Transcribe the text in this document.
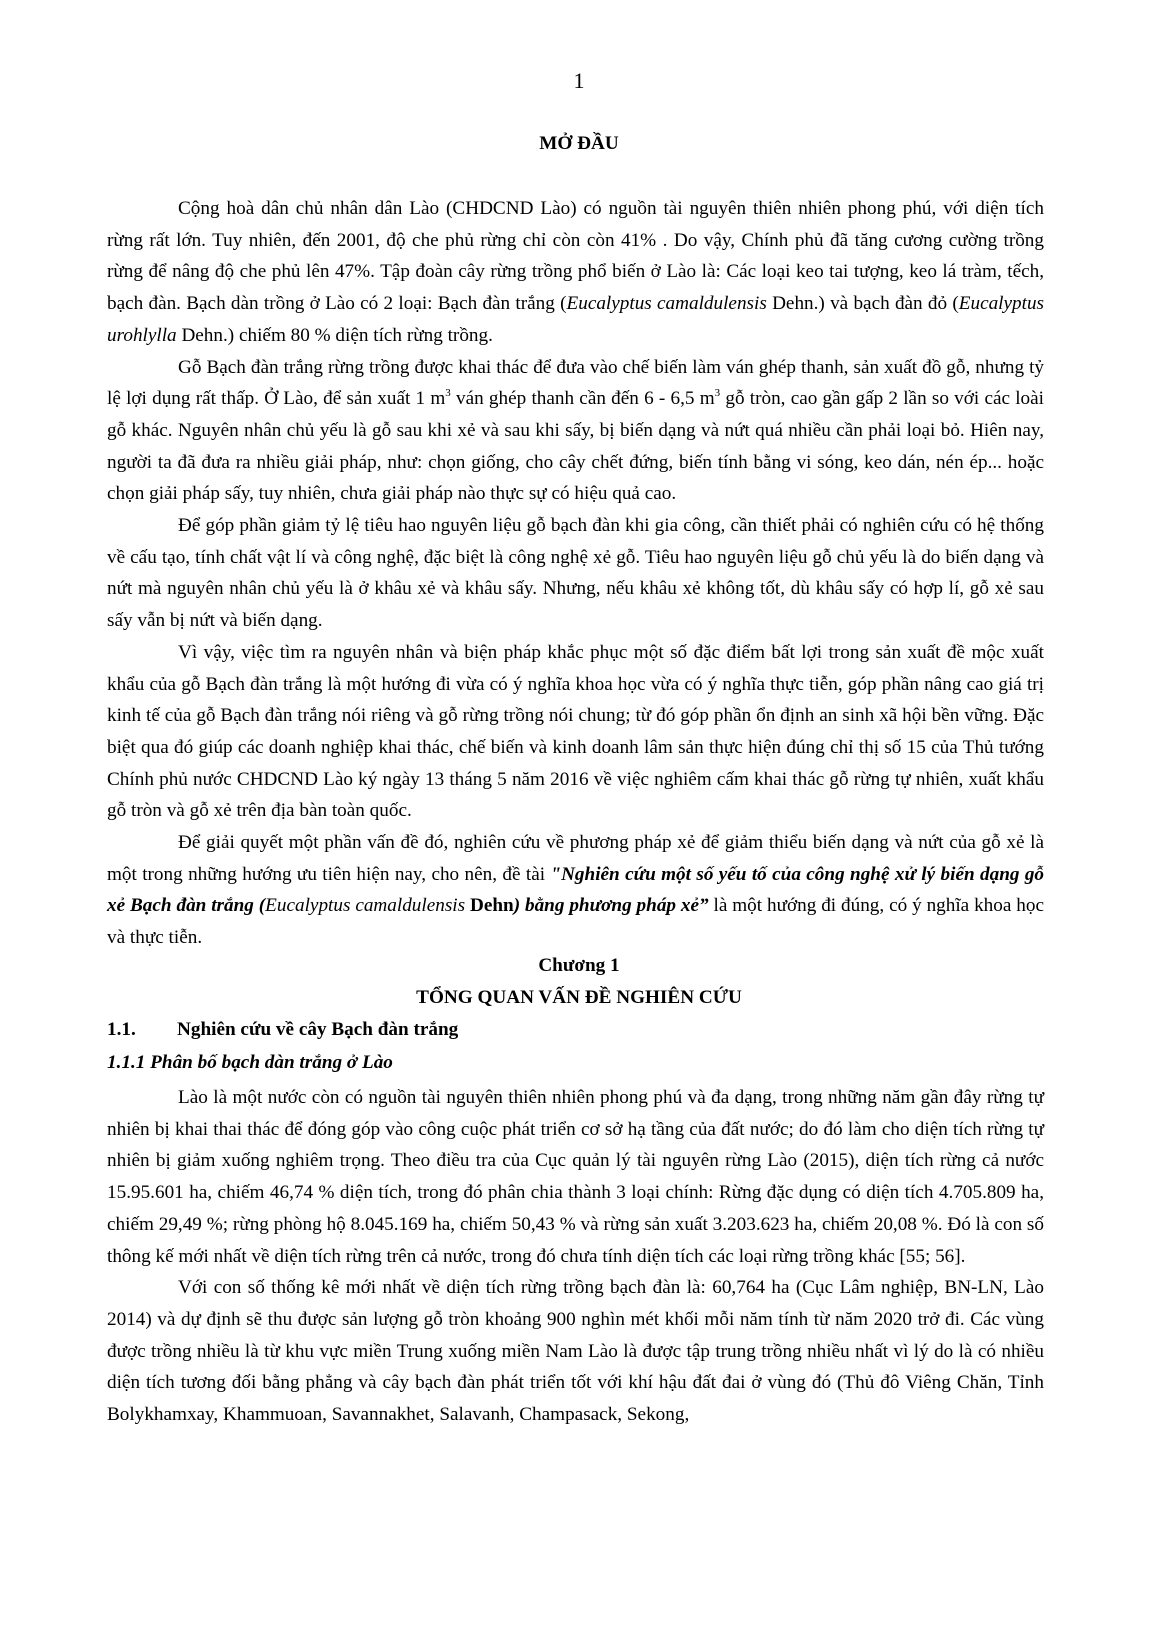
1
MỞ ĐẦU

Cộng hoà dân chủ nhân dân Lào (CHDCND Lào) có nguồn tài nguyên thiên nhiên phong phú, với diện tích rừng rất lớn. Tuy nhiên, đến 2001, độ che phủ rừng chỉ còn còn 41% . Do vậy, Chính phủ đã tăng cương cường trồng rừng để nâng độ che phủ lên 47%. Tập đoàn cây rừng trồng phổ biến ở Lào là: Các loại keo tai tượng, keo lá tràm, tếch, bạch đàn. Bạch dàn trồng ở Lào có 2 loại: Bạch đàn trắng (Eucalyptus camaldulensis Dehn.) và bạch đàn đỏ (Eucalyptus urohlylla Dehn.) chiếm 80 % diện tích rừng trồng.

Gỗ Bạch đàn trắng rừng trồng được khai thác để đưa vào chế biến làm ván ghép thanh, sản xuất đồ gỗ, nhưng tỷ lệ lợi dụng rất thấp. Ở Lào, để sản xuất 1 $m^3$ ván ghép thanh cần đến 6 - 6,5 $m^3$ gỗ tròn, cao gần gấp 2 lần so với các loài gỗ khác. Nguyên nhân chủ yếu là gỗ sau khi xẻ và sau khi sấy, bị biến dạng và nứt quá nhiều cần phải loại bỏ. Hiên nay, người ta đã đưa ra nhiều giải pháp, như: chọn giống, cho cây chết đứng, biến tính bằng vi sóng, keo dán, nén ép... hoặc chọn giải pháp sấy, tuy nhiên, chưa giải pháp nào thực sự có hiệu quả cao.

Để góp phần giảm tỷ lệ tiêu hao nguyên liệu gỗ bạch đàn khi gia công, cần thiết phải có nghiên cứu có hệ thống về cấu tạo, tính chất vật lí và công nghệ, đặc biệt là công nghệ xẻ gỗ. Tiêu hao nguyên liệu gỗ chủ yếu là do biến dạng và nứt mà nguyên nhân chủ yếu là ở khâu xẻ và khâu sấy. Nhưng, nếu khâu xẻ không tốt, dù khâu sấy có hợp lí, gỗ xẻ sau sấy vẫn bị nứt và biến dạng.

Vì vậy, việc tìm ra nguyên nhân và biện pháp khắc phục một số đặc điểm bất lợi trong sản xuất đề mộc xuất khẩu của gỗ Bạch đàn trắng là một hướng đi vừa có ý nghĩa khoa học vừa có ý nghĩa thực tiễn, góp phần nâng cao giá trị kinh tế của gỗ Bạch đàn trắng nói riêng và gỗ rừng trồng nói chung; từ đó góp phần ổn định an sinh xã hội bền vững. Đặc biệt qua đó giúp các doanh nghiệp khai thác, chế biến và kinh doanh lâm sản thực hiện đúng chỉ thị số 15 của Thủ tướng Chính phủ nước CHDCND Lào ký ngày 13 tháng 5 năm 2016 về việc nghiêm cấm khai thác gỗ rừng tự nhiên, xuất khẩu gỗ tròn và gỗ xẻ trên địa bàn toàn quốc.

Để giải quyết một phần vấn đề đó, nghiên cứu về phương pháp xẻ để giảm thiểu biến dạng và nứt của gỗ xẻ là một trong những hướng ưu tiên hiện nay, cho nên, đề tài "Nghiên cứu một số yếu tố của công nghệ xử lý biến dạng gỗ xẻ Bạch đàn trắng (Eucalyptus camaldulensis Dehn) bằng phương pháp xẻ” là một hướng đi đúng, có ý nghĩa khoa học và thực tiễn.

Chương 1
TỔNG QUAN VẤN ĐỀ NGHIÊN CỨU
1.1. Nghiên cứu về cây Bạch đàn trắng
1.1.1 Phân bố bạch dàn trắng ở Lào

Lào là một nước còn có nguồn tài nguyên thiên nhiên phong phú và đa dạng, trong những năm gần đây rừng tự nhiên bị khai thai thác để đóng góp vào công cuộc phát triển cơ sở hạ tầng của đất nước; do đó làm cho diện tích rừng tự nhiên bị giảm xuống nghiêm trọng. Theo điều tra của Cục quản lý tài nguyên rừng Lào (2015), diện tích rừng cả nước 15.95.601 ha, chiếm 46,74 % diện tích, trong đó phân chia thành 3 loại chính: Rừng đặc dụng có diện tích 4.705.809 ha, chiếm 29,49 %; rừng phòng hộ 8.045.169 ha, chiếm 50,43 % và rừng sản xuất 3.203.623 ha, chiếm 20,08 %. Đó là con số thông kế mới nhất về diện tích rừng trên cả nước, trong đó chưa tính diện tích các loại rừng trồng khác [55; 56].

Với con số thống kê mới nhất về diện tích rừng trồng bạch đàn là: 60,764 ha (Cục Lâm nghiệp, BN-LN, Lào 2014) và dự định sẽ thu được sản lượng gỗ tròn khoảng 900 nghìn mét khối mỗi năm tính từ năm 2020 trở đi. Các vùng được trồng nhiều là từ khu vực miền Trung xuống miền Nam Lào là được tập trung trồng nhiều nhất vì lý do là có nhiều diện tích tương đối bằng phẳng và cây bạch đàn phát triển tốt với khí hậu đất đai ở vùng đó (Thủ đô Viêng Chăn, Tỉnh Bolykhamxay, Khammuoan, Savannakhet, Salavanh, Champasack, Sekong,
